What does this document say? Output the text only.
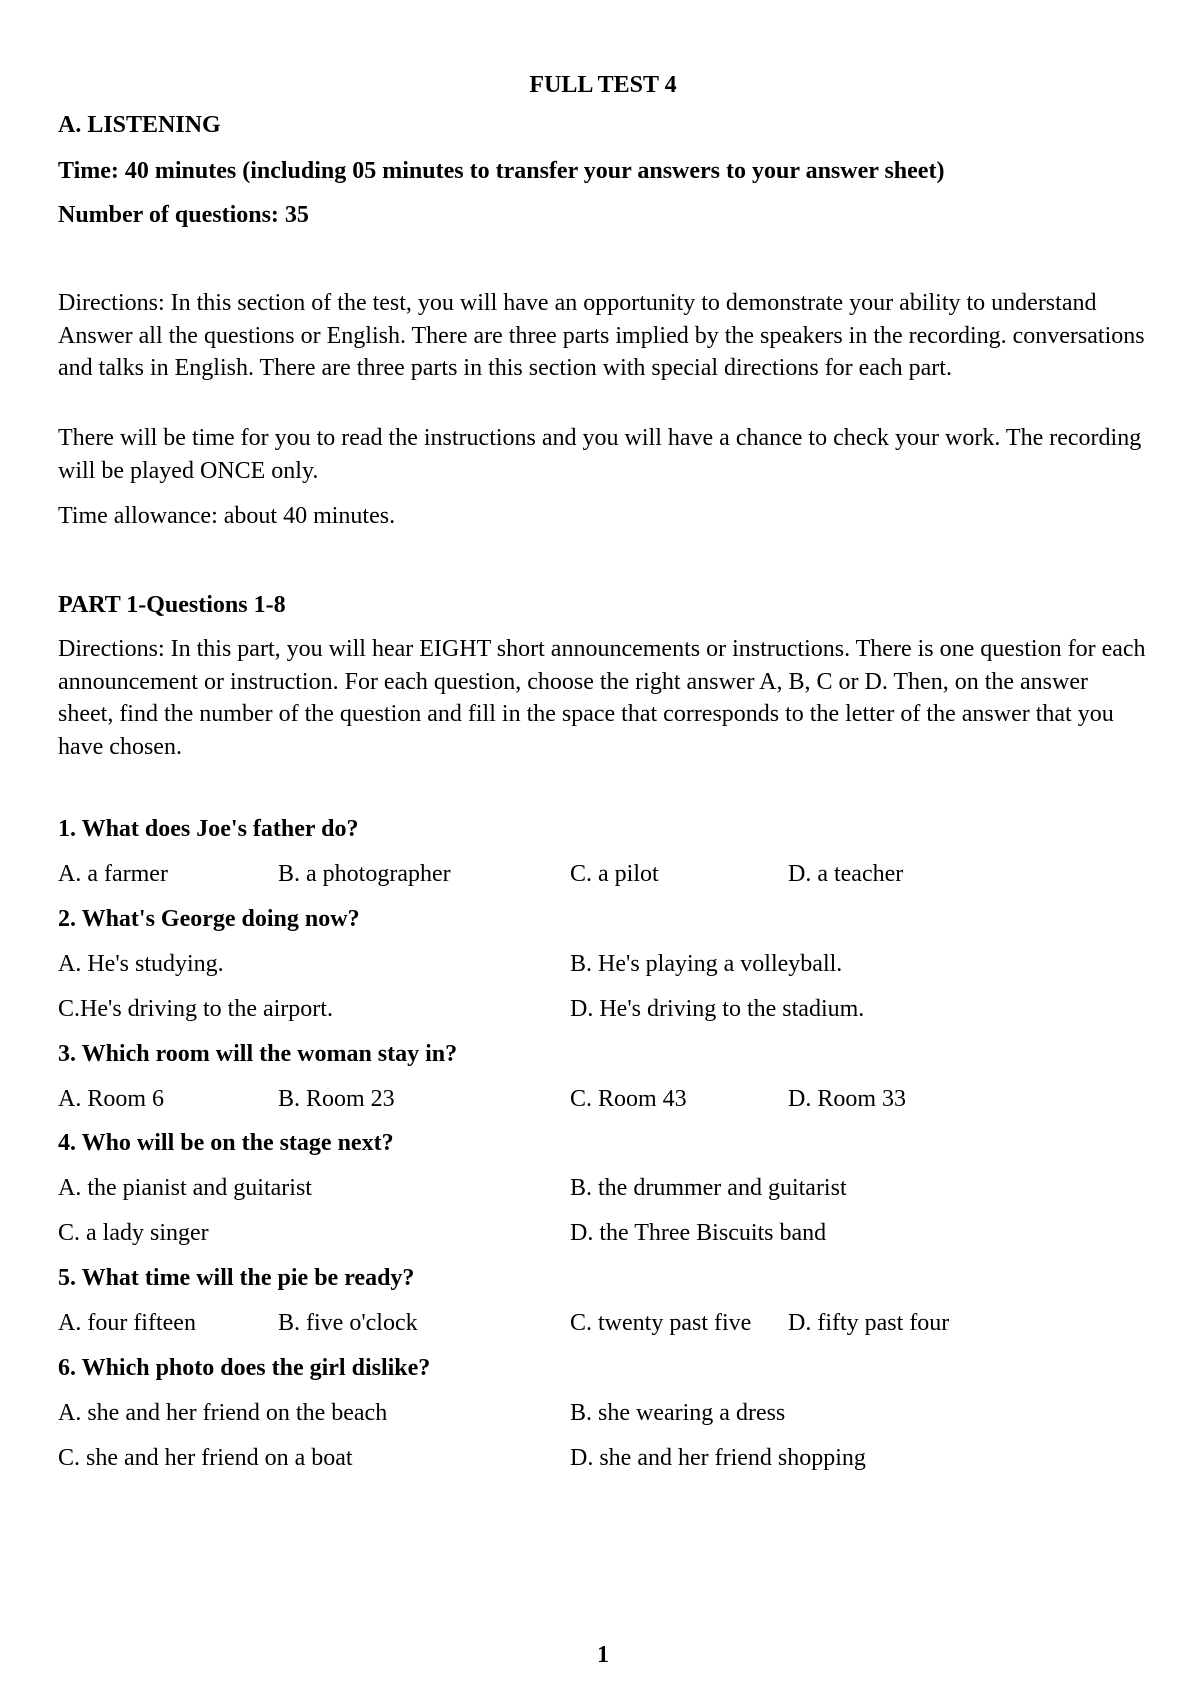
FULL TEST 4
A. LISTENING
Time: 40 minutes (including 05 minutes to transfer your answers to your answer sheet)
Number of questions: 35
Directions: In this section of the test, you will have an opportunity to demonstrate your ability to understand Answer all the questions or English. There are three parts implied by the speakers in the recording. conversations and talks in English. There are three parts in this section with special directions for each part.
There will be time for you to read the instructions and you will have a chance to check your work. The recording will be played ONCE only.
Time allowance: about 40 minutes.
PART 1-Questions 1-8
Directions: In this part, you will hear EIGHT short announcements or instructions. There is one question for each announcement or instruction. For each question, choose the right answer A, B, C or D. Then, on the answer sheet, find the number of the question and fill in the space that corresponds to the letter of the answer that you have chosen.
1. What does Joe's father do?
A. a farmer	B. a photographer	C. a pilot	D. a teacher
2. What's George doing now?
A. He's studying.	B. He's playing a volleyball.
C.He's driving to the airport.	D. He's driving to the stadium.
3. Which room will the woman stay in?
A. Room 6	B. Room 23	C. Room 43	D. Room 33
4. Who will be on the stage next?
A. the pianist and guitarist	B. the drummer and guitarist
C. a lady singer	D. the Three Biscuits band
5. What time will the pie be ready?
A. four fifteen	B. five o'clock	C. twenty past five D. fifty past four
6. Which photo does the girl dislike?
A. she and her friend on the beach	B. she wearing a dress
C. she and her friend on a boat	D. she and her friend shopping
1
